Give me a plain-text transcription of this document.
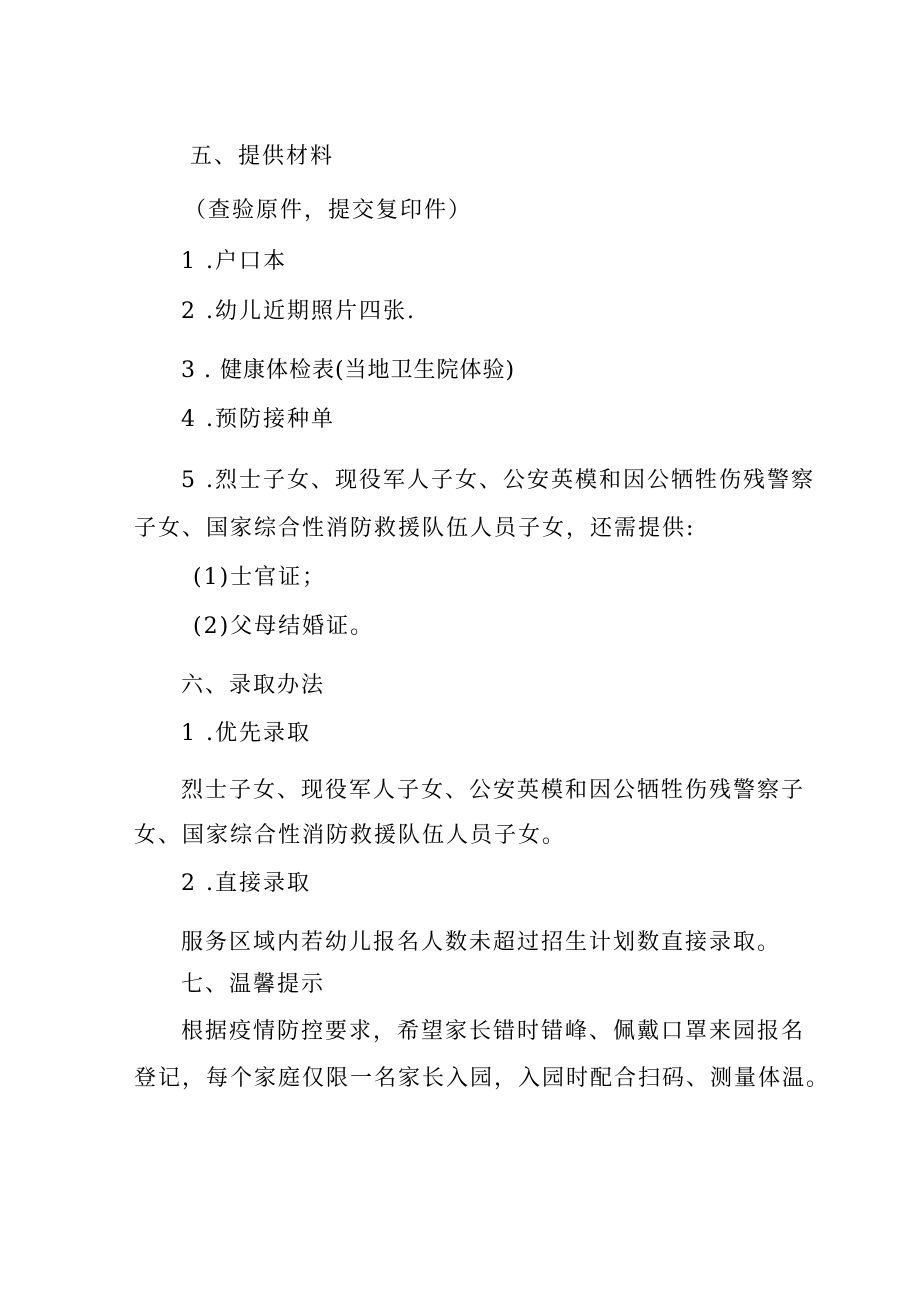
五、提供材料
（查验原件，提交复印件）
1 .户口本
2 .幼儿近期照片四张.
3 . 健康体检表(当地卫生院体验)
4 .预防接种单
5 .烈士子女、现役军人子女、公安英模和因公牺牲伤残警察
子女、国家综合性消防救援队伍人员子女，还需提供:
(1)士官证；
(2)父母结婚证。
六、录取办法
1 .优先录取
烈士子女、现役军人子女、公安英模和因公牺牲伤残警察子
女、国家综合性消防救援队伍人员子女。
2 .直接录取
服务区域内若幼儿报名人数未超过招生计划数直接录取。
七、温馨提示
根据疫情防控要求，希望家长错时错峰、佩戴口罩来园报名
登记，每个家庭仅限一名家长入园，入园时配合扫码、测量体温。
